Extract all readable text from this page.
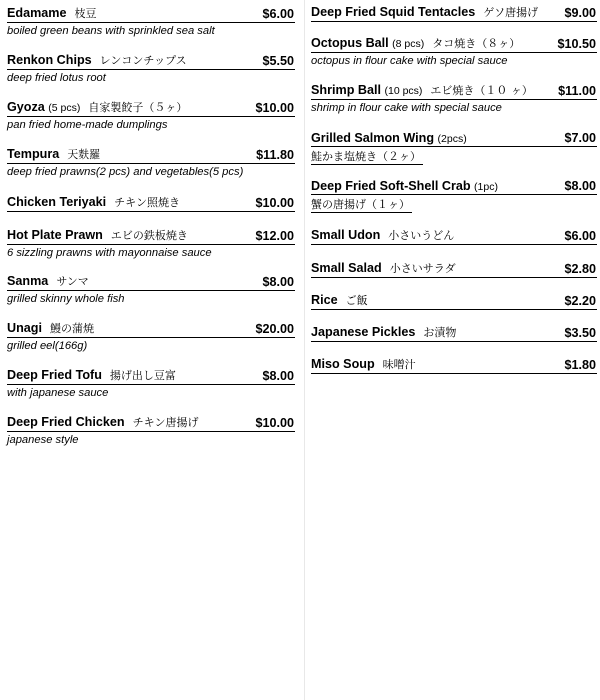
Edamame 枝豆	$6.00
boiled green beans with sprinkled sea salt
Renkon Chips レンコンチップス	$5.50
deep fried lotus root
Gyoza (5 pcs) 自家製餃子（５ヶ）	$10.00
pan fried home-made dumplings
Tempura 天麩羅	$11.80
deep fried prawns(2 pcs) and vegetables(5 pcs)
Chicken Teriyaki チキン照焼き	$10.00
Hot Plate Prawn エビの鉄板焼き	$12.00
6 sizzling prawns with mayonnaise sauce
Sanma サンマ	$8.00
grilled skinny whole fish
Unagi 鰻の蒲焼	$20.00
grilled eel(166g)
Deep Fried Tofu 揚げ出し豆富	$8.00
with japanese sauce
Deep Fried Chicken チキン唐揚げ	$10.00
japanese style
Deep Fried Squid Tentacles ゲソ唐揚げ $9.00
Octopus Ball (8 pcs) タコ焼き（８ヶ）	$10.50
octopus in flour cake with special sauce
Shrimp Ball (10 pcs) エビ焼き（１０ ヶ） $11.00
shrimp in flour cake with special sauce
Grilled Salmon Wing (2pcs)	$7.00
鮭かま塩焼き（２ヶ）
Deep Fried Soft-Shell Crab (1pc)	$8.00
蟹の唐揚げ（１ヶ）
Small Udon 小さいうどん	$6.00
Small Salad 小さいサラダ	$2.80
Rice ご飯	$2.20
Japanese Pickles お漬物	$3.50
Miso Soup 味噌汁	$1.80
